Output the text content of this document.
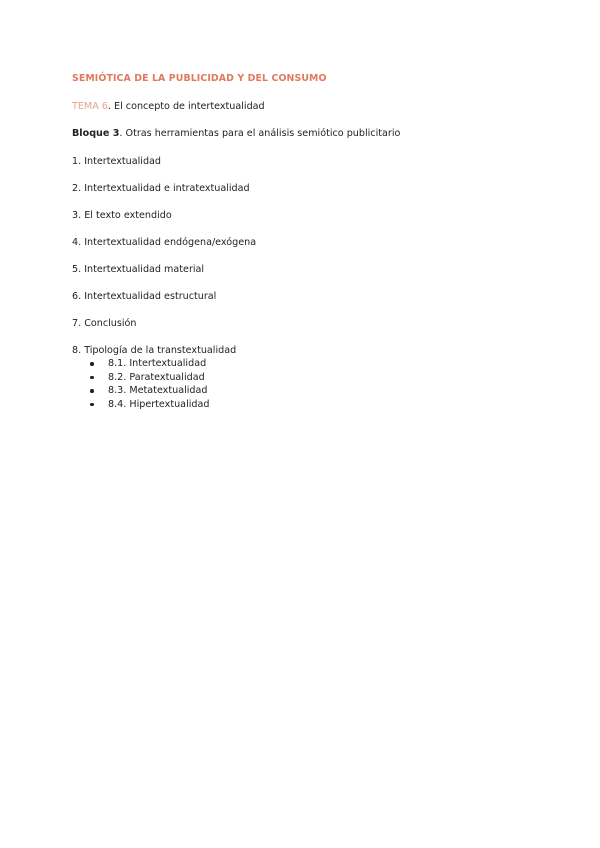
SEMIÓTICA DE LA PUBLICIDAD Y DEL CONSUMO
TEMA 6. El concepto de intertextualidad
Bloque 3. Otras herramientas para el análisis semiótico publicitario
1. Intertextualidad
2. Intertextualidad e intratextualidad
3. El texto extendido
4. Intertextualidad endógena/exógena
5. Intertextualidad material
6. Intertextualidad estructural
7. Conclusión
8. Tipología de la transtextualidad
8.1. Intertextualidad
8.2. Paratextualidad
8.3. Metatextualidad
8.4. Hipertextualidad
